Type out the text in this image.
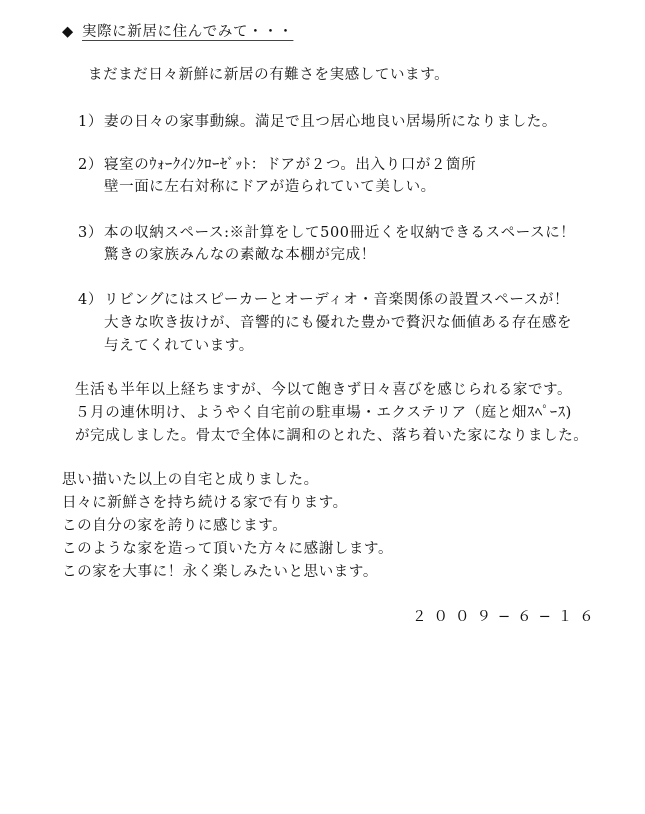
◆ 実際に新居に住んでみて・・・
まだまだ日々新鮮に新居の有難さを実感しています。
1）妻の日々の家事動線。満足で且つ居心地良い居場所になりました。
2）寝室のｳｫｰｸｲﾝｸﾛｰｾﾞｯﾄ：ドアが２つ。出入り口が２箇所
壁一面に左右対称にドアが造られていて美しい。
3）本の収納スペース:※計算をして500冊近くを収納できるスペースに！
驚きの家族みんなの素敵な本棚が完成！
4）リビングにはスピーカーとオーディオ・音楽関係の設置スペースが！
大きな吹き抜けが、音響的にも優れた豊かで贅沢な価値ある存在感を
与えてくれています。
生活も半年以上経ちますが、今以て飽きず日々喜びを感じられる家です。
５月の連休明け、ようやく自宅前の駐車場・エクステリア（庭と畑ｽﾍﾟｰｽ)
が完成しました。骨太で全体に調和のとれた、落ち着いた家になりました。
思い描いた以上の自宅と成りました。
日々に新鮮さを持ち続ける家で有ります。
この自分の家を誇りに感じます。
このような家を造って頂いた方々に感謝します。
この家を大事に！永く楽しみたいと思います。
２００９−６−１６
